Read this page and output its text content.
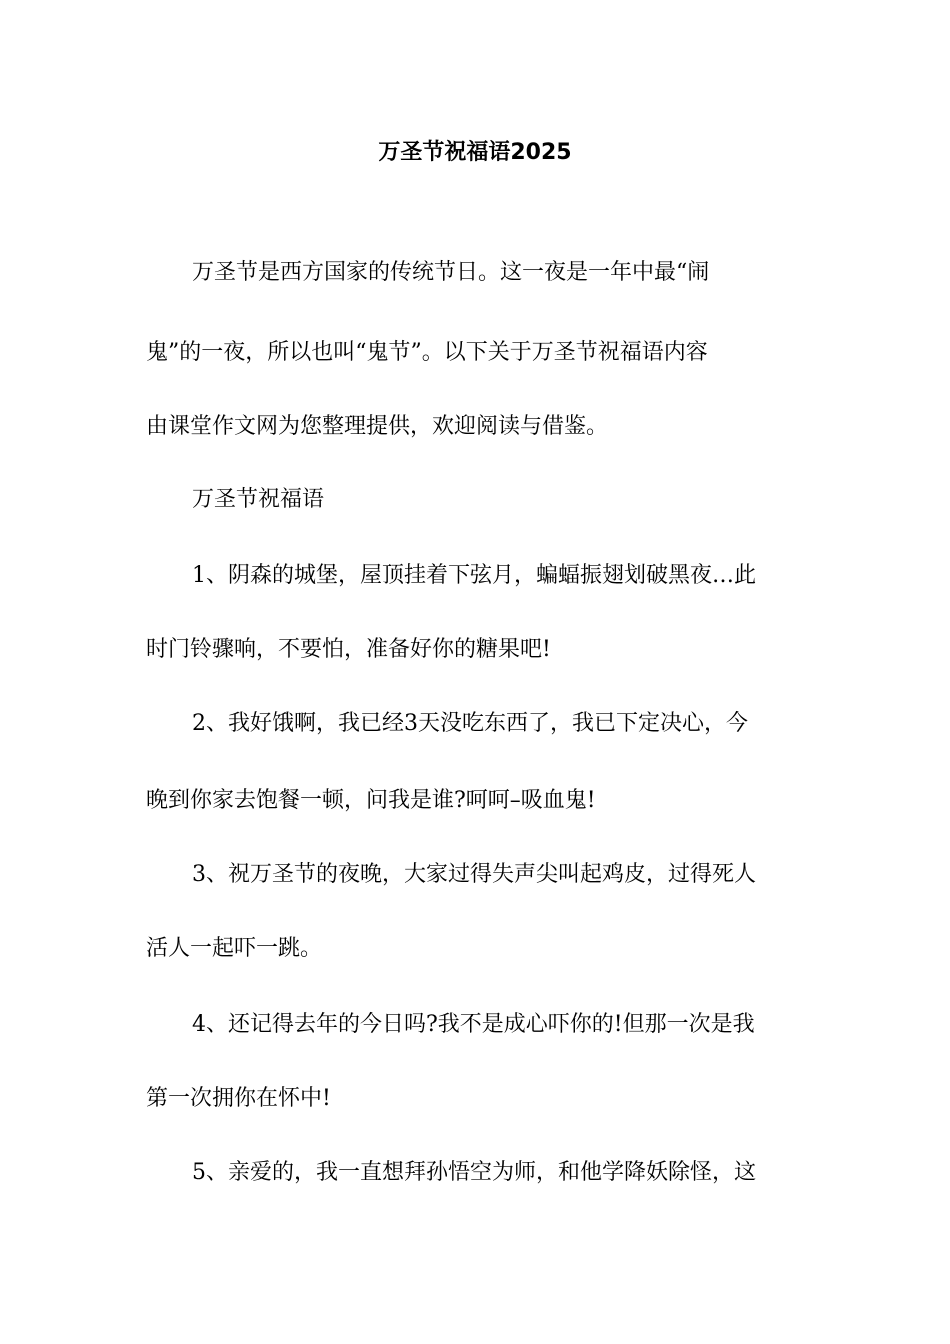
万圣节祝福语2025
万圣节是西方国家的传统节日。这一夜是一年中最“闹
鬼”的一夜，所以也叫“鬼节”。以下关于万圣节祝福语内容
由课堂作文网为您整理提供，欢迎阅读与借鉴。
万圣节祝福语
1、阴森的城堡，屋顶挂着下弦月，蝙蝠振翅划破黑夜…此
时门铃骤响，不要怕，准备好你的糖果吧!
2、我好饿啊，我已经3天没吃东西了，我已下定决心，今
晚到你家去饱餐一顿，问我是谁?呵呵–吸血鬼!
3、祝万圣节的夜晚，大家过得失声尖叫起鸡皮，过得死人
活人一起吓一跳。
4、还记得去年的今日吗?我不是成心吓你的!但那一次是我
第一次拥你在怀中!
5、亲爱的，我一直想拜孙悟空为师，和他学降妖除怪，这
